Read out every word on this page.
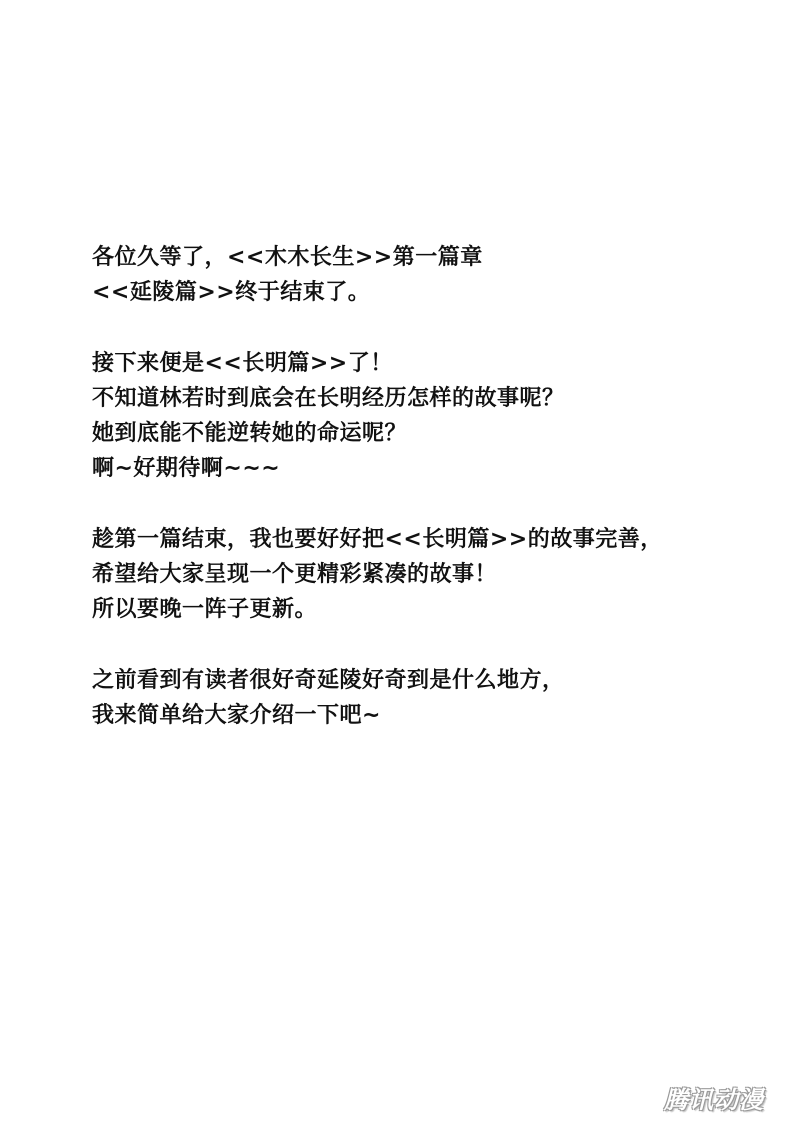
各位久等了，<<木木长生>>第一篇章
<<延陵篇>>终于结束了。
接下来便是<<长明篇>>了！
不知道林若时到底会在长明经历怎样的故事呢？
她到底能不能逆转她的命运呢？
啊~好期待啊~~~
趁第一篇结束，我也要好好把<<长明篇>>的故事完善，
希望给大家呈现一个更精彩紧凑的故事！
所以要晚一阵子更新。
之前看到有读者很好奇延陵好奇到是什么地方，
我来简单给大家介绍一下吧~
腾讯动漫
